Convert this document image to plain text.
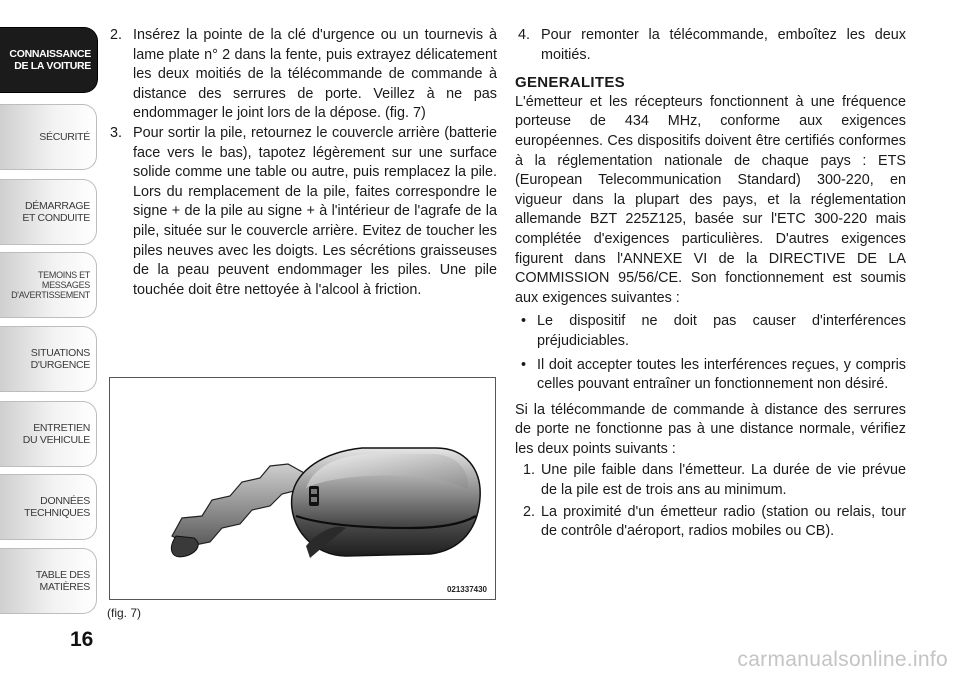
CONNAISSANCE
DE LA VOITURE
SÉCURITÉ
DÉMARRAGE
ET CONDUITE
TEMOINS ET
MESSAGES
D'AVERTISSEMENT
SITUATIONS
D'URGENCE
ENTRETIEN
DU VEHICULE
DONNÉES
TECHNIQUES
TABLE DES
MATIÈRES
16

2. Insérez la pointe de la clé d'urgence ou un tournevis à lame plate n° 2 dans la fente, puis extrayez délicatement les deux moitiés de la télécommande de commande à distance des serrures de porte. Veillez à ne pas endommager le joint lors de la dépose. (fig. 7)

3. Pour sortir la pile, retournez le couvercle arrière (batterie face vers le bas), tapotez légèrement sur une surface solide comme une table ou autre, puis remplacez la pile. Lors du remplacement de la pile, faites correspondre le signe + de la pile au signe + à l'intérieur de l'agrafe de la pile, située sur le couvercle arrière. Evitez de toucher les piles neuves avec les doigts. Les sécrétions graisseuses de la peau peuvent endommager les piles. Une pile touchée doit être nettoyée à l'alcool à friction.

021337430
(fig. 7)

4. Pour remonter la télécommande, emboîtez les deux moitiés.

GENERALITES

L'émetteur et les récepteurs fonctionnent à une fréquence porteuse de 434 MHz, conforme aux exigences européennes. Ces dispositifs doivent être certifiés conformes à la réglementation nationale de chaque pays : ETS (European Telecommunication Standard) 300-220, en vigueur dans la plupart des pays, et la réglementation allemande BZT 225Z125, basée sur l'ETC 300-220 mais complétée d'exigences particulières. D'autres exigences figurent dans l'ANNEXE VI de la DIRECTIVE DE LA COMMISSION 95/56/CE. Son fonctionnement est soumis aux exigences suivantes :

• Le dispositif ne doit pas causer d'interférences préjudiciables.

• Il doit accepter toutes les interférences reçues, y compris celles pouvant entraîner un fonctionnement non désiré.

Si la télécommande de commande à distance des serrures de porte ne fonctionne pas à une distance normale, vérifiez les deux points suivants :

1. Une pile faible dans l'émetteur. La durée de vie prévue de la pile est de trois ans au minimum.

2. La proximité d'un émetteur radio (station ou relais, tour de contrôle d'aéroport, radios mobiles ou CB).

carmanualsonline.info
